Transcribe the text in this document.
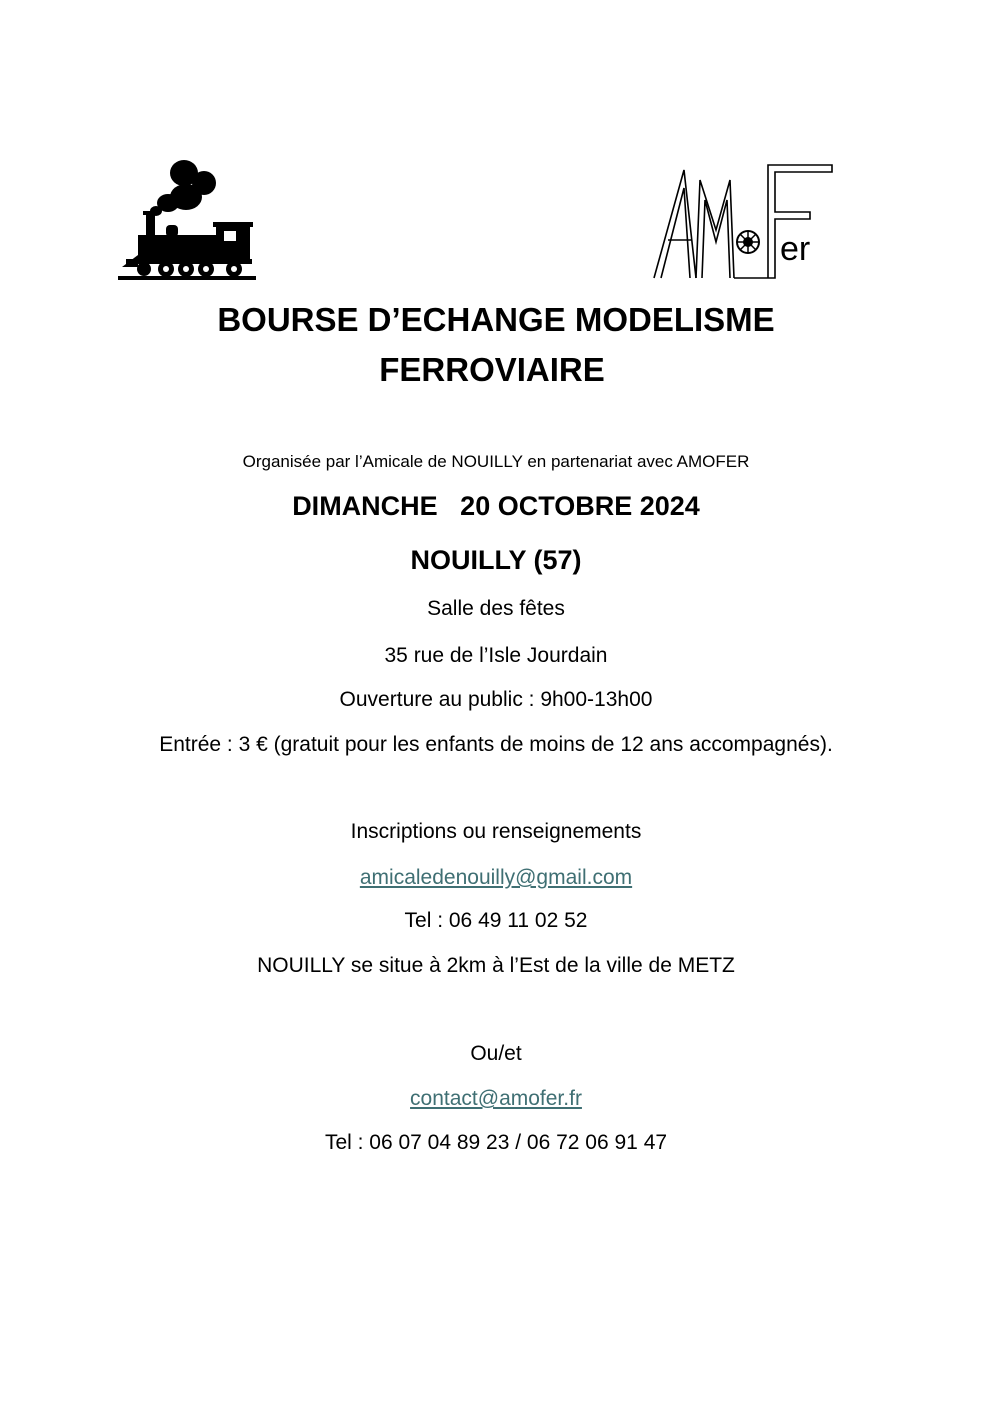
er
BOURSE D’ECHANGE MODELISME
FERROVIAIRE

Organisée par l’Amicale de NOUILLY en partenariat avec AMOFER

DIMANCHE   20 OCTOBRE 2024

NOUILLY (57)

Salle des fêtes

35 rue de l’Isle Jourdain

Ouverture au public : 9h00-13h00

Entrée : 3 € (gratuit pour les enfants de moins de 12 ans accompagnés).

Inscriptions ou renseignements

amicaledenouilly@gmail.com

Tel : 06 49 11 02 52

NOUILLY se situe à 2km à l’Est de la ville de METZ

Ou/et

contact@amofer.fr

Tel : 06 07 04 89 23 / 06 72 06 91 47
